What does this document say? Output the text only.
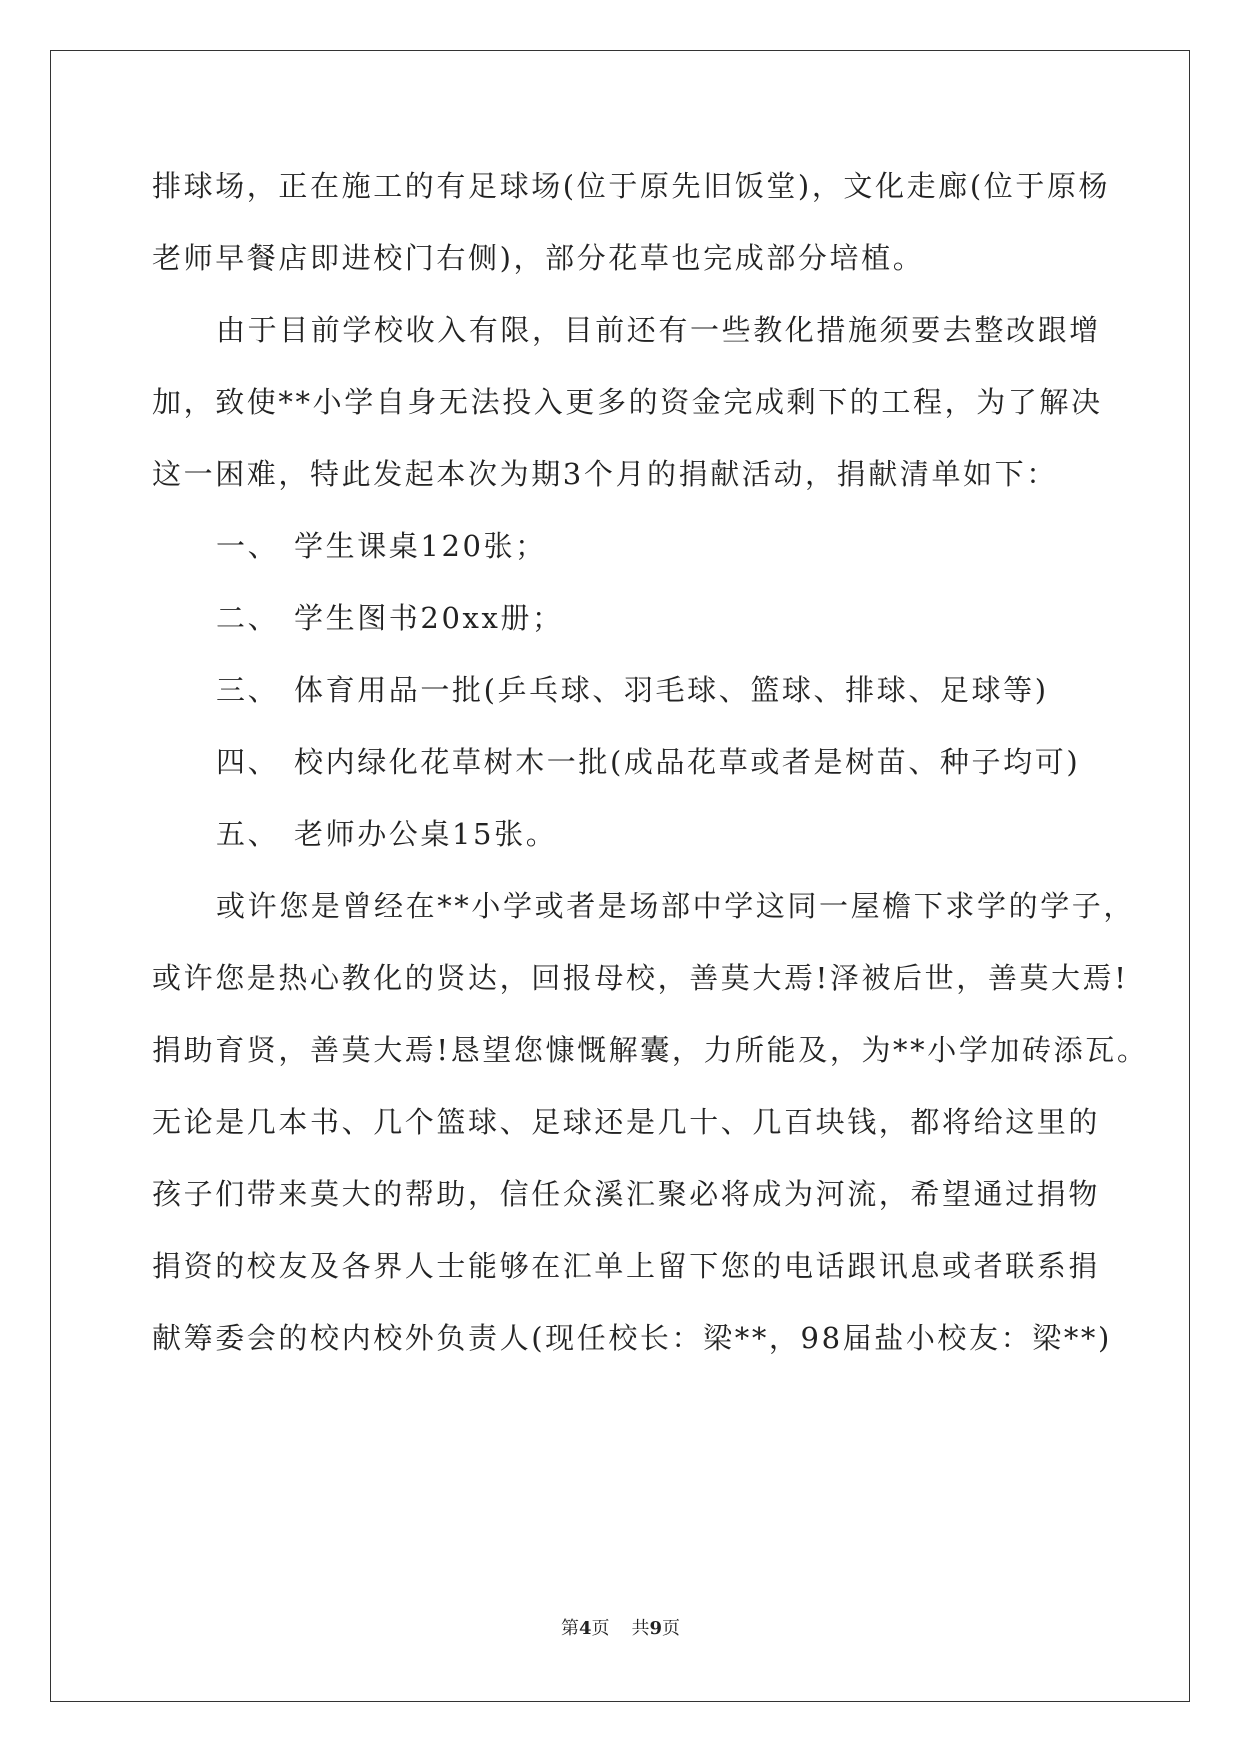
排球场，正在施工的有足球场(位于原先旧饭堂)，文化走廊(位于原杨
老师早餐店即进校门右侧)，部分花草也完成部分培植。
由于目前学校收入有限，目前还有一些教化措施须要去整改跟增
加，致使**小学自身无法投入更多的资金完成剩下的工程，为了解决
这一困难，特此发起本次为期3个月的捐献活动，捐献清单如下：
一、 学生课桌120张；
二、 学生图书20xx册；
三、 体育用品一批(乒乓球、羽毛球、篮球、排球、足球等)
四、 校内绿化花草树木一批(成品花草或者是树苗、种子均可)
五、 老师办公桌15张。
或许您是曾经在**小学或者是场部中学这同一屋檐下求学的学子，
或许您是热心教化的贤达，回报母校，善莫大焉!泽被后世，善莫大焉!
捐助育贤，善莫大焉!恳望您慷慨解囊，力所能及，为**小学加砖添瓦。
无论是几本书、几个篮球、足球还是几十、几百块钱，都将给这里的
孩子们带来莫大的帮助，信任众溪汇聚必将成为河流，希望通过捐物
捐资的校友及各界人士能够在汇单上留下您的电话跟讯息或者联系捐
献筹委会的校内校外负责人(现任校长：梁**，98届盐小校友：梁**)
第4页 共9页
